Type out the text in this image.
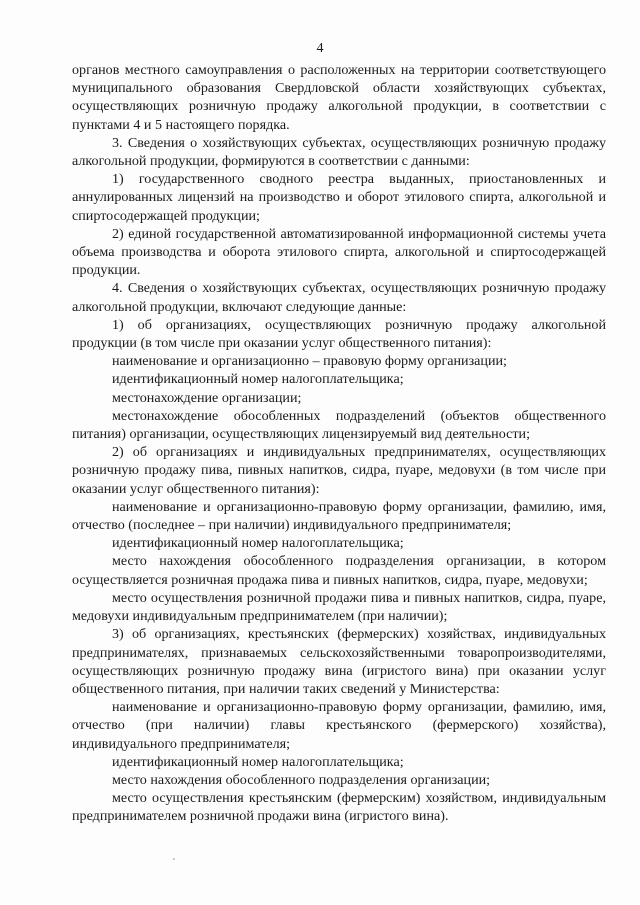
4

органов местного самоуправления о расположенных на территории соответствующего муниципального образования Свердловской области хозяйствующих субъектах, осуществляющих розничную продажу алкогольной продукции, в соответствии с пунктами 4 и 5 настоящего порядка.

3. Сведения о хозяйствующих субъектах, осуществляющих розничную продажу алкогольной продукции, формируются в соответствии с данными:

1) государственного сводного реестра выданных, приостановленных и аннулированных лицензий на производство и оборот этилового спирта, алкогольной и спиртосодержащей продукции;

2) единой государственной автоматизированной информационной системы учета объема производства и оборота этилового спирта, алкогольной и спиртосодержащей продукции.

4. Сведения о хозяйствующих субъектах, осуществляющих розничную продажу алкогольной продукции, включают следующие данные:

1) об организациях, осуществляющих розничную продажу алкогольной продукции (в том числе при оказании услуг общественного питания):

наименование и организационно – правовую форму организации;

идентификационный номер налогоплательщика;

местонахождение организации;

местонахождение обособленных подразделений (объектов общественного питания) организации, осуществляющих лицензируемый вид деятельности;

2) об организациях и индивидуальных предпринимателях, осуществляющих розничную продажу пива, пивных напитков, сидра, пуаре, медовухи (в том числе при оказании услуг общественного питания):

наименование и организационно-правовую форму организации, фамилию, имя, отчество (последнее – при наличии) индивидуального предпринимателя;

идентификационный номер налогоплательщика;

место нахождения обособленного подразделения организации, в котором осуществляется розничная продажа пива и пивных напитков, сидра, пуаре, медовухи;

место осуществления розничной продажи пива и пивных напитков, сидра, пуаре, медовухи индивидуальным предпринимателем (при наличии);

3) об организациях, крестьянских (фермерских) хозяйствах, индивидуальных предпринимателях, признаваемых сельскохозяйственными товаропроизводителями, осуществляющих розничную продажу вина (игристого вина) при оказании услуг общественного питания, при наличии таких сведений у Министерства:

наименование и организационно-правовую форму организации, фамилию, имя, отчество (при наличии) главы крестьянского (фермерского) хозяйства), индивидуального предпринимателя;

идентификационный номер налогоплательщика;

место нахождения обособленного подразделения организации;

место осуществления крестьянским (фермерским) хозяйством, индивидуальным предпринимателем розничной продажи вина (игристого вина).
